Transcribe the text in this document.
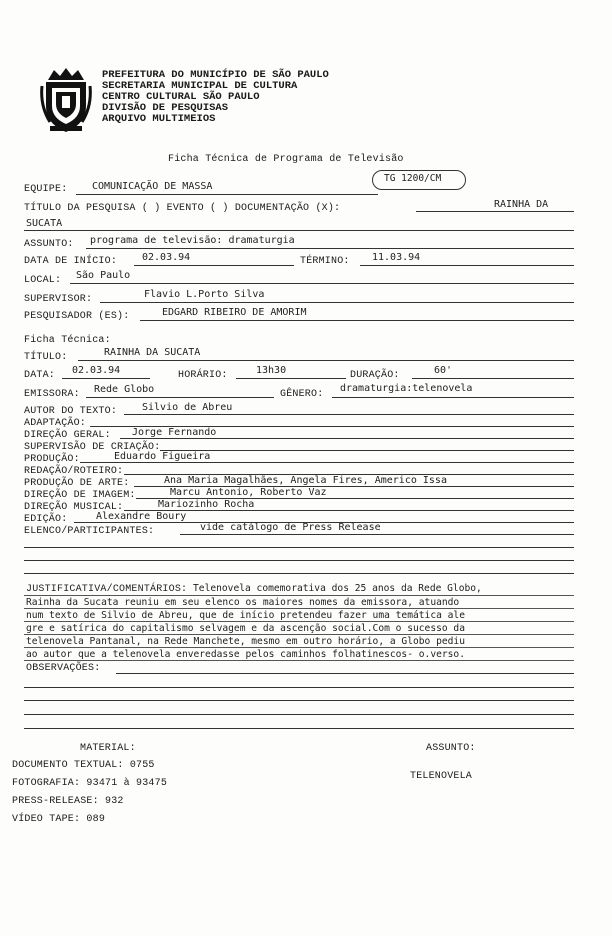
PREFEITURA DO MUNICÍPIO DE SÃO PAULO
SECRETARIA MUNICIPAL DE CULTURA
CENTRO CULTURAL SÃO PAULO
DIVISÃO DE PESQUISAS
ARQUIVO MULTIMEIOS
Ficha Técnica de Programa de Televisão
TG 1200/CM
EQUIPE: COMUNICAÇÃO DE MASSA
TÍTULO DA PESQUISA ( ) EVENTO ( ) DOCUMENTAÇÃO (X):	RAINHA DA
SUCATA
ASSUNTO: programa de televisão: dramaturgia
DATA DE INÍCIO: 02.03.94	TÉRMINO: 11.03.94
LOCAL: São Paulo
SUPERVISOR:	Flavio L.Porto Silva
PESQUISADOR (ES):	EDGARD RIBEIRO DE AMORIM
Ficha Técnica:
TÍTULO:	RAINHA DA SUCATA
DATA: 02.03.94	HORÁRIO:	13h30	DURAÇÃO:	60'
EMISSORA: Rede Globo	GÊNERO:
dramaturgia:telenovela
AUTOR DO TEXTO: Silvio de Abreu
ADAPTAÇÃO:
DIREÇÃO GERAL: Jorge Fernando
SUPERVISÃO DE CRIAÇÃO:
PRODUÇÃO:	Eduardo Figueira
REDAÇÃO/ROTEIRO:
PRODUÇÃO DE ARTE:	Ana Maria Magalhães, Angela Fires, Americo Issa
DIREÇÃO DE IMAGEM:	Marcu Antonio, Roberto Vaz
DIREÇÃO MUSICAL:	Mariozinho Rocha
EDIÇÃO:	Alexandre Boury
ELENCO/PARTICIPANTES:	vide catálogo de Press Release
JUSTIFICATIVA/COMENTÁRIOS: Telenovela comemorativa dos 25 anos da Rede Globo,
Rainha da Sucata reuniu em seu elenco os maiores nomes da emissora, atuando
num texto de Silvio de Abreu, que de início pretendeu fazer uma temática ale
gre e satírica do capitalismo selvagem e da ascenção social.Com o sucesso da
telenovela Pantanal, na Rede Manchete, mesmo em outro horário, a Globo pediu
ao autor que a telenovela enveredasse pelos caminhos folhatinescos- o.verso.
OBSERVAÇÕES:
MATERIAL:
DOCUMENTO TEXTUAL: 0755
FOTOGRAFIA: 93471 à 93475
PRESS-RELEASE: 932
VÍDEO TAPE: 089
ASSUNTO:
TELENOVELA
